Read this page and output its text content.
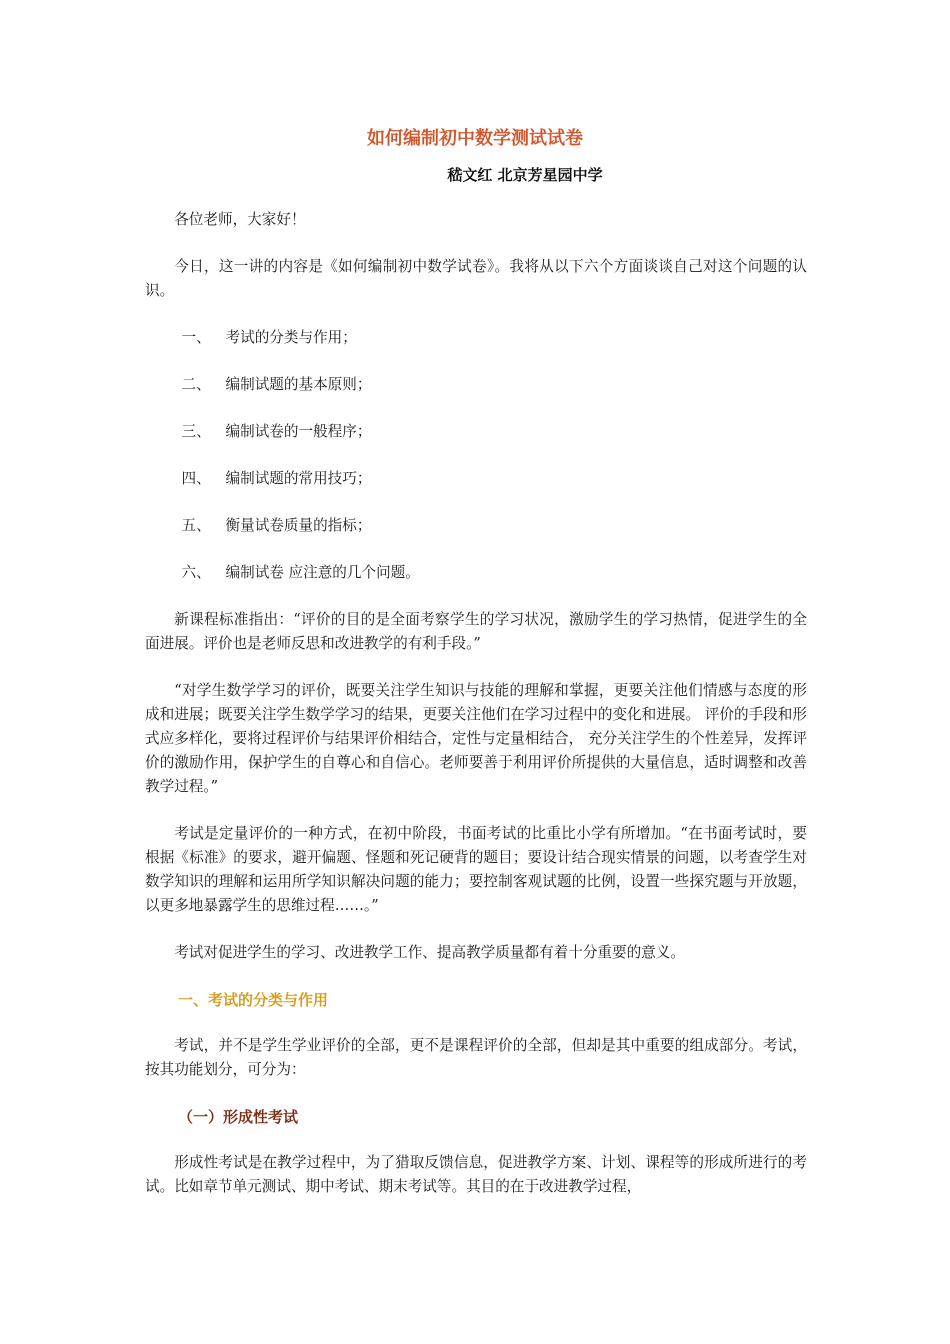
如何编制初中数学测试试卷
嵇文红 北京芳星园中学

各位老师，大家好！

今日，这一讲的内容是《如何编制初中数学试卷》。我将从以下六个方面谈谈自己对这个问题的认识。

一、 考试的分类与作用；

二、 编制试题的基本原则；

三、 编制试卷的一般程序；

四、 编制试题的常用技巧；

五、 衡量试卷质量的指标；

六、 编制试卷 应注意的几个问题。

新课程标准指出：“评价的目的是全面考察学生的学习状况，激励学生的学习热情，促进学生的全面进展。评价也是老师反思和改进教学的有利手段。”

“对学生数学学习的评价，既要关注学生知识与技能的理解和掌握，更要关注他们情感与态度的形成和进展；既要关注学生数学学习的结果，更要关注他们在学习过程中的变化和进展。 评价的手段和形式应多样化，要将过程评价与结果评价相结合，定性与定量相结合， 充分关注学生的个性差异，发挥评价的激励作用，保护学生的自尊心和自信心。老师要善于利用评价所提供的大量信息，适时调整和改善教学过程。”

考试是定量评价的一种方式，在初中阶段，书面考试的比重比小学有所增加。“在书面考试时，要根据《标准》的要求，避开偏题、怪题和死记硬背的题目；要设计结合现实情景的问题，以考查学生对数学知识的理解和运用所学知识解决问题的能力；要控制客观试题的比例，设置一些探究题与开放题，以更多地暴露学生的思维过程……。”

考试对促进学生的学习、改进教学工作、提高教学质量都有着十分重要的意义。

一、考试的分类与作用

考试，并不是学生学业评价的全部，更不是课程评价的全部，但却是其中重要的组成部分。考试，按其功能划分，可分为：

（一）形成性考试

形成性考试是在教学过程中，为了猎取反馈信息，促进教学方案、计划、课程等的形成所进行的考试。比如章节单元测试、期中考试、期末考试等。其目的在于改进教学过程，
